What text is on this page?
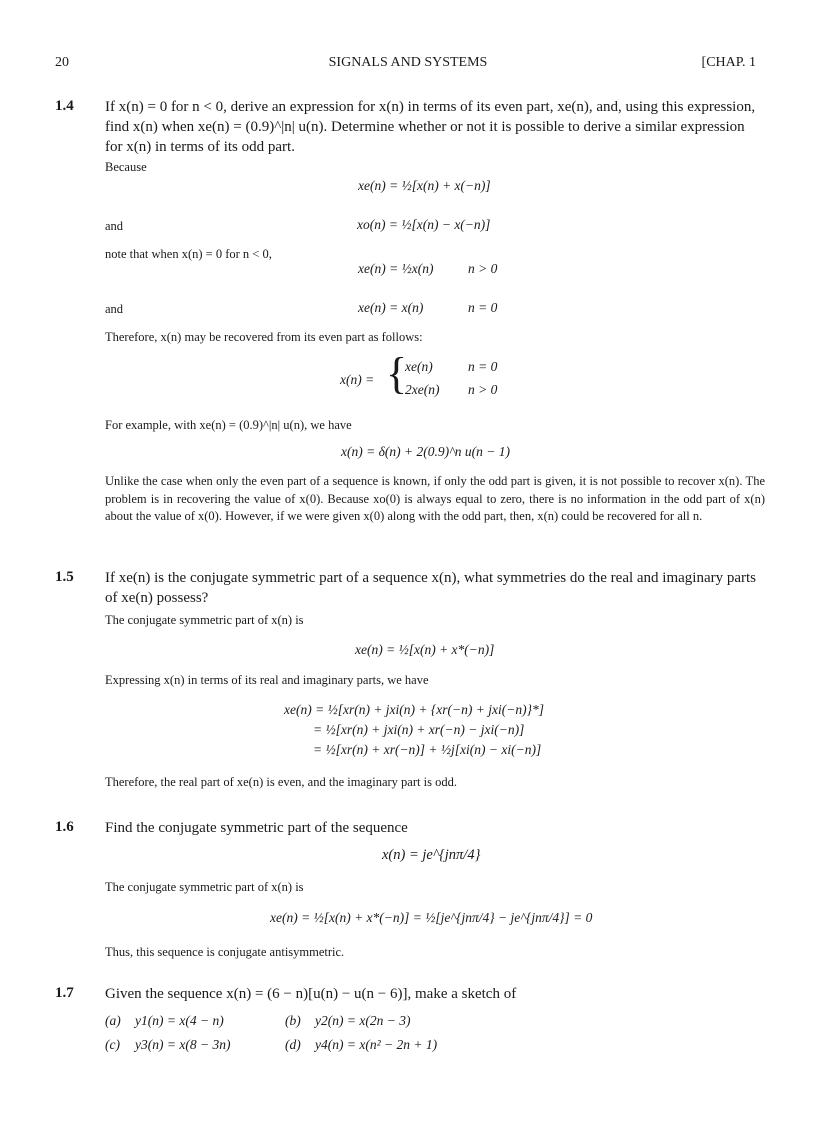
20	SIGNALS AND SYSTEMS	[CHAP. 1
1.4 If x(n) = 0 for n < 0, derive an expression for x(n) in terms of its even part, xe(n), and, using this expression, find x(n) when xe(n) = (0.9)^|n| u(n). Determine whether or not it is possible to derive a similar expression for x(n) in terms of its odd part.
Because
xe(n) = ½[x(n) + x(−n)]
and	xo(n) = ½[x(n) − x(−n)]
note that when x(n) = 0 for n < 0,
xe(n) = ½x(n)	n > 0
and	xe(n) = x(n)	n = 0
Therefore, x(n) may be recovered from its even part as follows:
x(n) = {
xe(n)	n = 0
2xe(n) n > 0
For example, with xe(n) = (0.9)^|n| u(n), we have
x(n) = δ(n) + 2(0.9)^n u(n − 1)
Unlike the case when only the even part of a sequence is known, if only the odd part is given, it is not possible to recover x(n). The problem is in recovering the value of x(0). Because xo(0) is always equal to zero, there is no information in the odd part of x(n) about the value of x(0). However, if we were given x(0) along with the odd part, then, x(n) could be recovered for all n.
1.5 If xe(n) is the conjugate symmetric part of a sequence x(n), what symmetries do the real and imaginary parts of xe(n) possess?
The conjugate symmetric part of x(n) is
xe(n) = ½[x(n) + x*(−n)]
Expressing x(n) in terms of its real and imaginary parts, we have
xe(n) = ½[xr(n) + jxi(n) + {xr(−n) + jxi(−n)}*]
= ½[xr(n) + jxi(n) + xr(−n) − jxi(−n)]
= ½[xr(n) + xr(−n)] + ½j[xi(n) − xi(−n)]
Therefore, the real part of xe(n) is even, and the imaginary part is odd.
1.6 Find the conjugate symmetric part of the sequence
x(n) = je^{jnπ/4}
The conjugate symmetric part of x(n) is
xe(n) = ½[x(n) + x*(−n)] = ½[je^{jnπ/4} − je^{jnπ/4}] = 0
Thus, this sequence is conjugate antisymmetric.
1.7 Given the sequence x(n) = (6 − n)[u(n) − u(n − 6)], make a sketch of
(a) y1(n) = x(4 − n)	(b) y2(n) = x(2n − 3)
(c) y3(n) = x(8 − 3n)	(d) y4(n) = x(n² − 2n + 1)
